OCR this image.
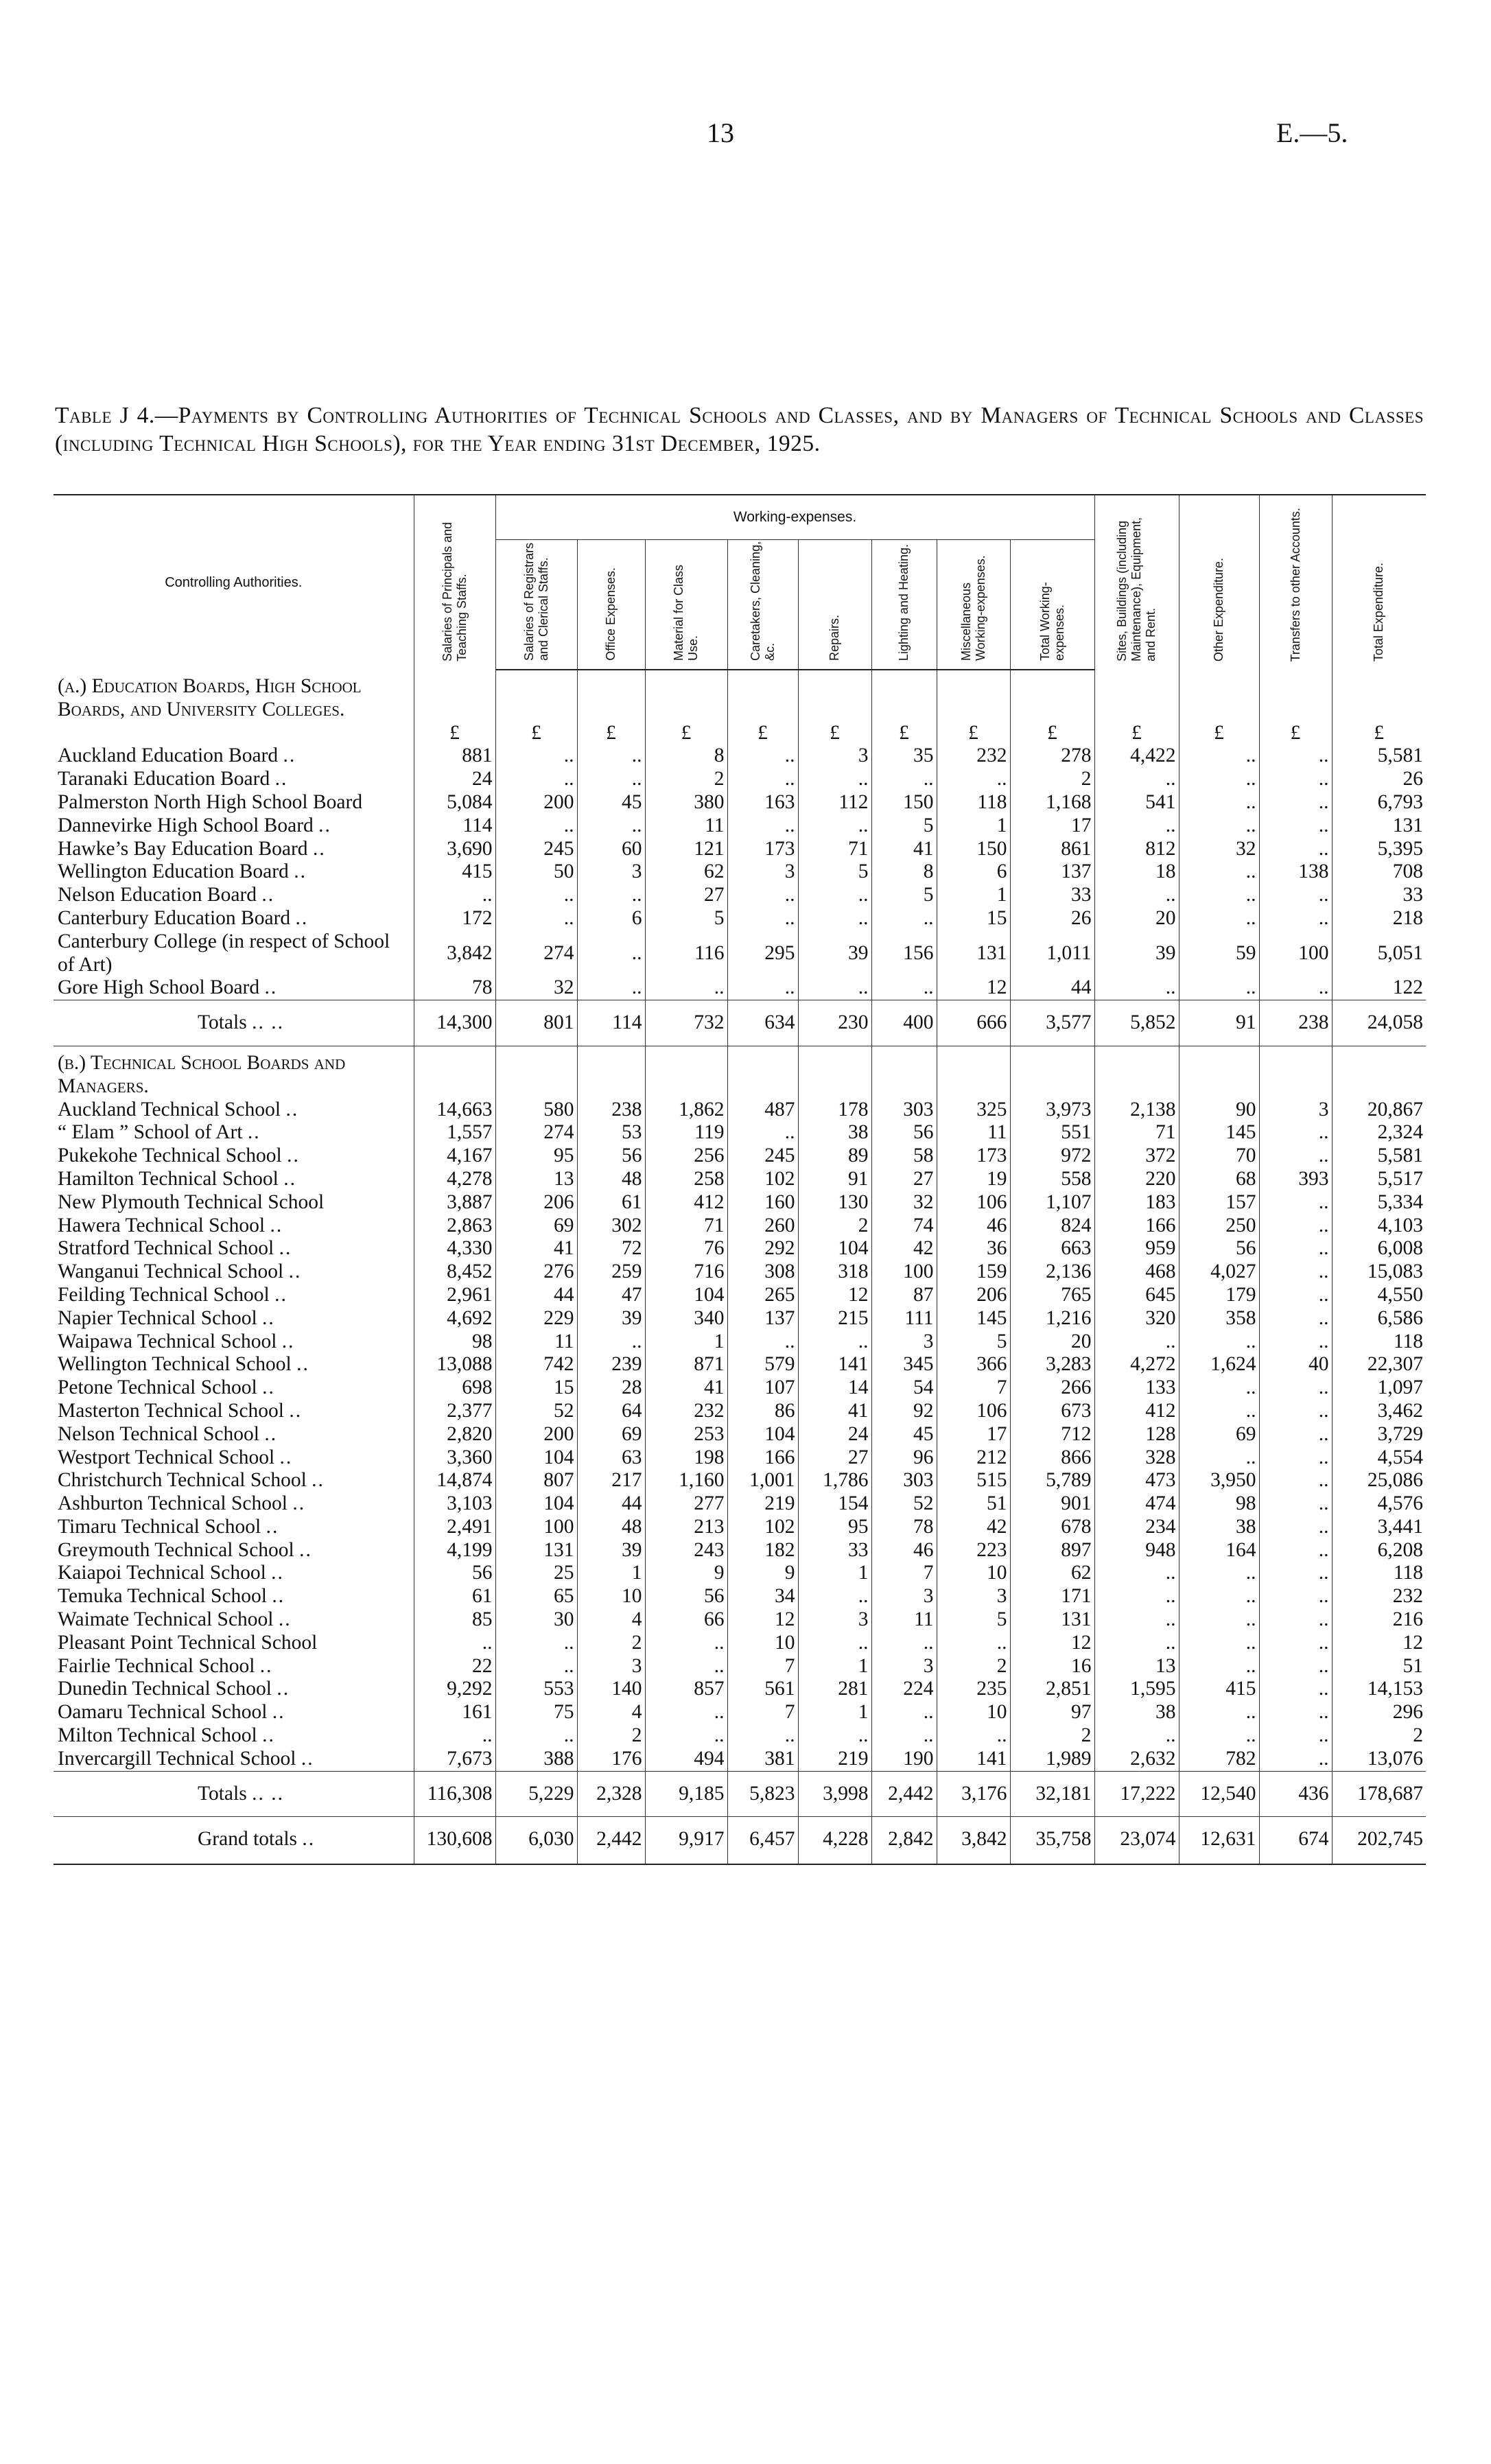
13	E.—5.
Table J 4.—Payments by Controlling Authorities of Technical Schools and Classes, and by Managers of Technical Schools and Classes (including Technical High Schools), for the Year ending 31st December, 1925.
Controlling Authorities.	Salaries of Principals and Teaching Staffs.	Working-expenses.								Sites, Buildings (including Maintenance), Equipment, and Rent.	Other Expenditure.	Transfers to other Accounts.	Total Expenditure.

		Salaries of Registrars and Clerical Staffs.	Office Expenses.	Material for Class Use.	Caretakers, Cleaning, &c.	Repairs.	Lighting and Heating.	Miscellaneous Working-expenses.	Total Working-expenses.				

(a.) Education Boards, High School Boards, and University Colleges.													
	£	£	£	£	£	£	£	£	£	£	£	£	£
Auckland Education Board ..	881	..	..	8	..	3	35	232	278	4,422	..	..	5,581
Taranaki Education Board ..	24	..	..	2	..	..	..	..	2	..	..	..	26
Palmerston North High School Board	5,084	200	45	380	163	112	150	118	1,168	541	..	..	6,793
Dannevirke High School Board ..	114	..	..	11	..	..	5	1	17	..	..	..	131
Hawke’s Bay Education Board ..	3,690	245	60	121	173	71	41	150	861	812	32	..	5,395
Wellington Education Board ..	415	50	3	62	3	5	8	6	137	18	..	138	708
Nelson Education Board ..	..	..	..	27	..	..	5	1	33	..	..	..	33
Canterbury Education Board ..	172	..	6	5	..	..	..	15	26	20	..	..	218
Canterbury College (in respect of School of Art)	3,842	274	..	116	295	39	156	131	1,011	39	59	100	5,051
Gore High School Board ..	78	32	..	..	..	..	..	12	44	..	..	..	122
Totals .. ..	14,300	801	114	732	634	230	400	666	3,577	5,852	91	238	24,058
(b.) Technical School Boards and Managers.													
Auckland Technical School ..	14,663	580	238	1,862	487	178	303	325	3,973	2,138	90	3	20,867
“ Elam ” School of Art ..	1,557	274	53	119	..	38	56	11	551	71	145	..	2,324
Pukekohe Technical School ..	4,167	95	56	256	245	89	58	173	972	372	70	..	5,581
Hamilton Technical School ..	4,278	13	48	258	102	91	27	19	558	220	68	393	5,517
New Plymouth Technical School	3,887	206	61	412	160	130	32	106	1,107	183	157	..	5,334
Hawera Technical School ..	2,863	69	302	71	260	2	74	46	824	166	250	..	4,103
Stratford Technical School ..	4,330	41	72	76	292	104	42	36	663	959	56	..	6,008
Wanganui Technical School ..	8,452	276	259	716	308	318	100	159	2,136	468	4,027	..	15,083
Feilding Technical School ..	2,961	44	47	104	265	12	87	206	765	645	179	..	4,550
Napier Technical School ..	4,692	229	39	340	137	215	111	145	1,216	320	358	..	6,586
Waipawa Technical School ..	98	11	..	1	..	..	3	5	20	..	..	..	118
Wellington Technical School ..	13,088	742	239	871	579	141	345	366	3,283	4,272	1,624	40	22,307
Petone Technical School ..	698	15	28	41	107	14	54	7	266	133	..	..	1,097
Masterton Technical School ..	2,377	52	64	232	86	41	92	106	673	412	..	..	3,462
Nelson Technical School ..	2,820	200	69	253	104	24	45	17	712	128	69	..	3,729
Westport Technical School ..	3,360	104	63	198	166	27	96	212	866	328	..	..	4,554
Christchurch Technical School ..	14,874	807	217	1,160	1,001	1,786	303	515	5,789	473	3,950	..	25,086
Ashburton Technical School ..	3,103	104	44	277	219	154	52	51	901	474	98	..	4,576
Timaru Technical School ..	2,491	100	48	213	102	95	78	42	678	234	38	..	3,441
Greymouth Technical School ..	4,199	131	39	243	182	33	46	223	897	948	164	..	6,208
Kaiapoi Technical School ..	56	25	1	9	9	1	7	10	62	..	..	..	118
Temuka Technical School ..	61	65	10	56	34	..	3	3	171	..	..	..	232
Waimate Technical School ..	85	30	4	66	12	3	11	5	131	..	..	..	216
Pleasant Point Technical School	..	..	2	..	10	..	..	..	12	..	..	..	12
Fairlie Technical School ..	22	..	3	..	7	1	3	2	16	13	..	..	51
Dunedin Technical School ..	9,292	553	140	857	561	281	224	235	2,851	1,595	415	..	14,153
Oamaru Technical School ..	161	75	4	..	7	1	..	10	97	38	..	..	296
Milton Technical School ..	..	..	2	..	..	..	..	..	2	..	..	..	2
Invercargill Technical School ..	7,673	388	176	494	381	219	190	141	1,989	2,632	782	..	13,076
Totals .. ..	116,308	5,229	2,328	9,185	5,823	3,998	2,442	3,176	32,181	17,222	12,540	436	178,687
Grand totals ..	130,608	6,030	2,442	9,917	6,457	4,228	2,842	3,842	35,758	23,074	12,631	674	202,745
